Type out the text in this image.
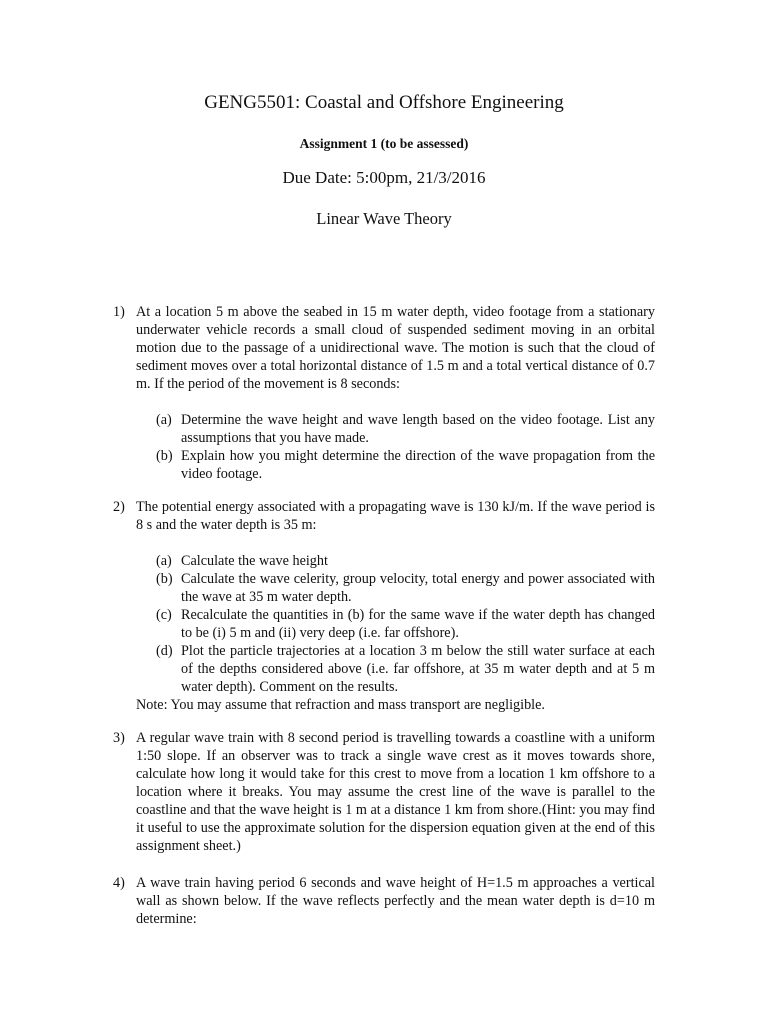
GENG5501: Coastal and Offshore Engineering
Assignment 1 (to be assessed)
Due Date: 5:00pm, 21/3/2016
Linear Wave Theory
1) At a location 5 m above the seabed in 15 m water depth, video footage from a stationary underwater vehicle records a small cloud of suspended sediment moving in an orbital motion due to the passage of a unidirectional wave. The motion is such that the cloud of sediment moves over a total horizontal distance of 1.5 m and a total vertical distance of 0.7 m. If the period of the movement is 8 seconds:
(a) Determine the wave height and wave length based on the video footage. List any assumptions that you have made.
(b) Explain how you might determine the direction of the wave propagation from the video footage.
2) The potential energy associated with a propagating wave is 130 kJ/m. If the wave period is 8 s and the water depth is 35 m:
(a) Calculate the wave height
(b) Calculate the wave celerity, group velocity, total energy and power associated with the wave at 35 m water depth.
(c) Recalculate the quantities in (b) for the same wave if the water depth has changed to be (i) 5 m and (ii) very deep (i.e. far offshore).
(d) Plot the particle trajectories at a location 3 m below the still water surface at each of the depths considered above (i.e. far offshore, at 35 m water depth and at 5 m water depth). Comment on the results.
Note: You may assume that refraction and mass transport are negligible.
3) A regular wave train with 8 second period is travelling towards a coastline with a uniform 1:50 slope. If an observer was to track a single wave crest as it moves towards shore, calculate how long it would take for this crest to move from a location 1 km offshore to a location where it breaks. You may assume the crest line of the wave is parallel to the coastline and that the wave height is 1 m at a distance 1 km from shore.(Hint: you may find it useful to use the approximate solution for the dispersion equation given at the end of this assignment sheet.)
4) A wave train having period 6 seconds and wave height of H=1.5 m approaches a vertical wall as shown below. If the wave reflects perfectly and the mean water depth is d=10 m determine:
